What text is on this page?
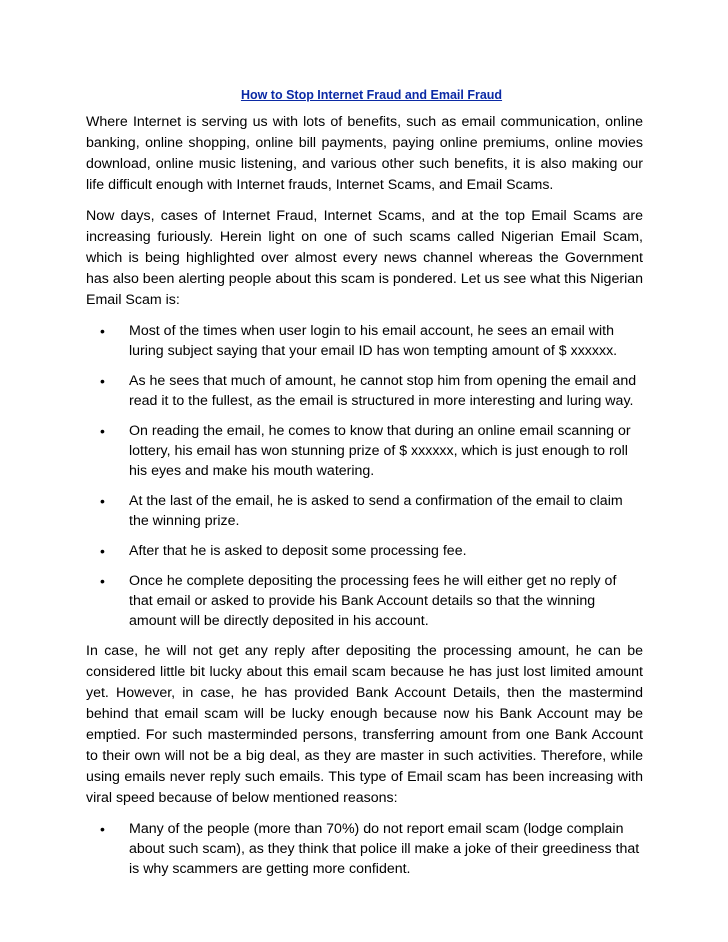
How to Stop Internet Fraud and Email Fraud

Where Internet is serving us with lots of benefits, such as email communication, online banking, online shopping, online bill payments, paying online premiums, online movies download, online music listening, and various other such benefits, it is also making our life difficult enough with Internet frauds, Internet Scams, and Email Scams.

Now days, cases of Internet Fraud, Internet Scams, and at the top Email Scams are increasing furiously. Herein light on one of such scams called Nigerian Email Scam, which is being highlighted over almost every news channel whereas the Government has also been alerting people about this scam is pondered. Let us see what this Nigerian Email Scam is:

• Most of the times when user login to his email account, he sees an email with luring subject saying that your email ID has won tempting amount of $ xxxxxx.
• As he sees that much of amount, he cannot stop him from opening the email and read it to the fullest, as the email is structured in more interesting and luring way.
• On reading the email, he comes to know that during an online email scanning or lottery, his email has won stunning prize of $ xxxxxx, which is just enough to roll his eyes and make his mouth watering.
• At the last of the email, he is asked to send a confirmation of the email to claim the winning prize.
• After that he is asked to deposit some processing fee.
• Once he complete depositing the processing fees he will either get no reply of that email or asked to provide his Bank Account details so that the winning amount will be directly deposited in his account.

In case, he will not get any reply after depositing the processing amount, he can be considered little bit lucky about this email scam because he has just lost limited amount yet. However, in case, he has provided Bank Account Details, then the mastermind behind that email scam will be lucky enough because now his Bank Account may be emptied. For such masterminded persons, transferring amount from one Bank Account to their own will not be a big deal, as they are master in such activities. Therefore, while using emails never reply such emails. This type of Email scam has been increasing with viral speed because of below mentioned reasons:

• Many of the people (more than 70%) do not report email scam (lodge complain about such scam), as they think that police ill make a joke of their greediness that is why scammers are getting more confident.
